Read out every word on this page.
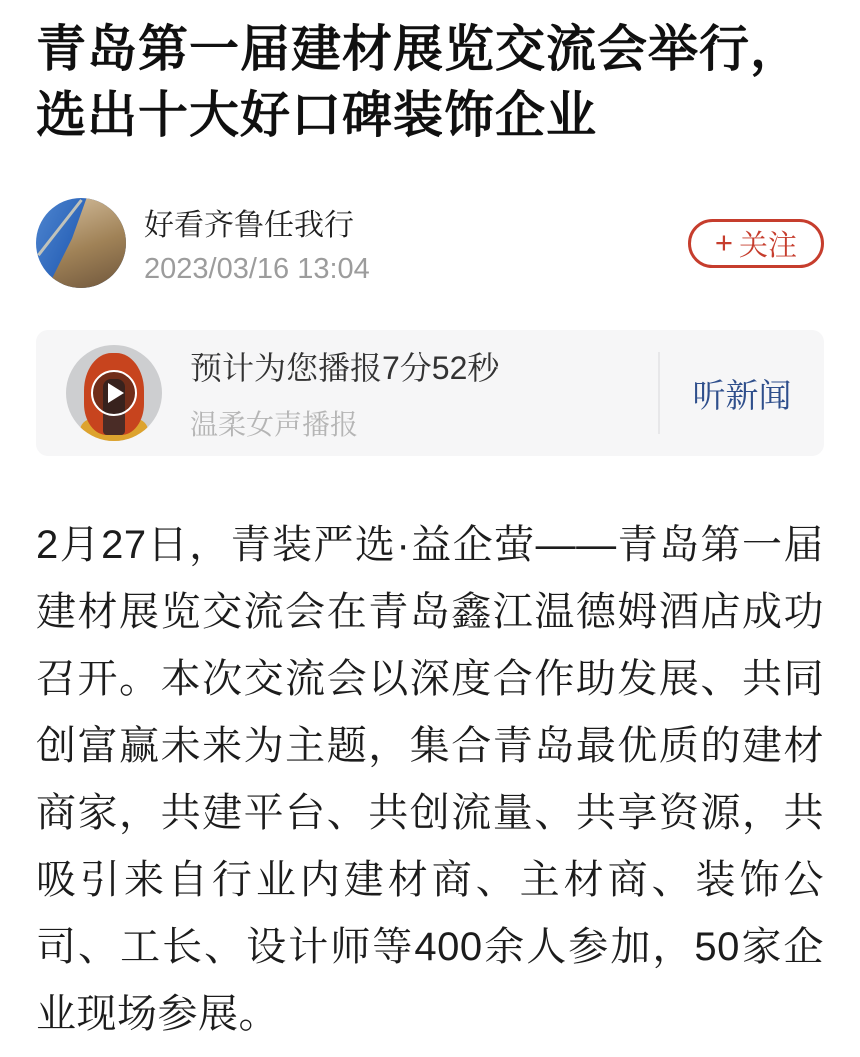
青岛第一届建材展览交流会举行，
选出十大好口碑装饰企业
好看齐鲁任我行
2023/03/16 13:04
+ 关注
预计为您播报7分52秒
温柔女声播报
听新闻
2月27日，青装严选·益企萤——青岛第一届
建材展览交流会在青岛鑫江温德姆酒店成功
召开。本次交流会以深度合作助发展、共同
创富赢未来为主题，集合青岛最优质的建材
商家，共建平台、共创流量、共享资源，共
吸引来自行业内建材商、主材商、装饰公
司、工长、设计师等400余人参加，50家企
业现场参展。
